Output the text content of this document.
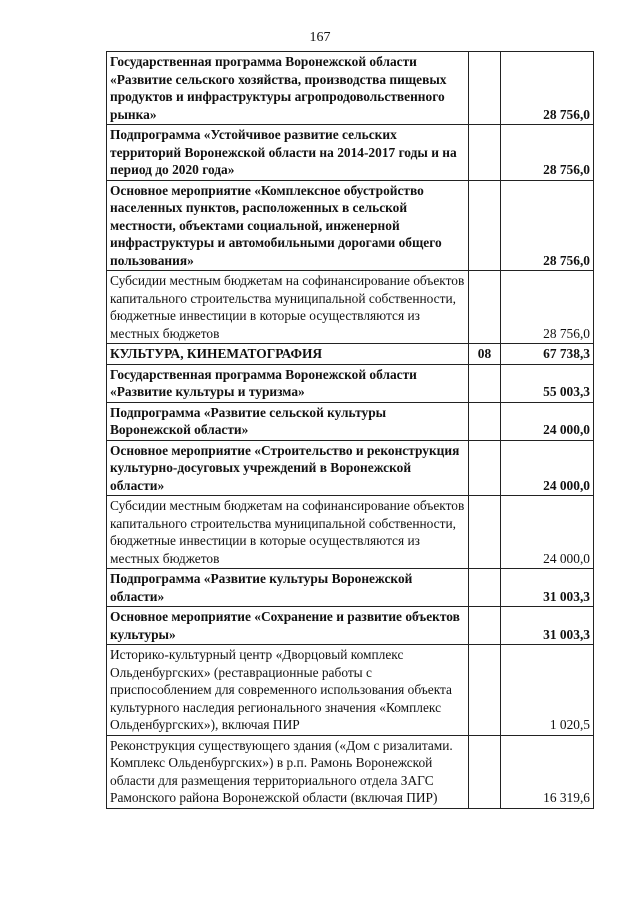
167
Государственная программа Воронежской области «Развитие сельского хозяйства, производства пищевых продуктов и инфраструктуры агропродовольственного рынка»		28 756,0
Подпрограмма «Устойчивое развитие сельских территорий Воронежской области на 2014-2017 годы и на период до 2020 года»		28 756,0
Основное мероприятие «Комплексное обустройство населенных пунктов, расположенных в сельской местности, объектами социальной, инженерной инфраструктуры и автомобильными дорогами общего пользования»		28 756,0
Субсидии местным бюджетам на софинансирование объектов капитального строительства муниципальной собственности, бюджетные инвестиции в которые осуществляются из местных бюджетов		28 756,0
КУЛЬТУРА, КИНЕМАТОГРАФИЯ	08	67 738,3
Государственная программа Воронежской области «Развитие культуры и туризма»		55 003,3
Подпрограмма «Развитие сельской культуры Воронежской области»		24 000,0
Основное мероприятие «Строительство и реконструкция культурно-досуговых учреждений в Воронежской области»		24 000,0
Субсидии местным бюджетам на софинансирование объектов капитального строительства муниципальной собственности, бюджетные инвестиции в которые осуществляются из местных бюджетов		24 000,0
Подпрограмма «Развитие культуры Воронежской области»		31 003,3
Основное мероприятие «Сохранение и развитие объектов культуры»		31 003,3
Историко-культурный центр «Дворцовый комплекс Ольденбургских» (реставрационные работы с приспособлением для современного использования объекта культурного наследия регионального значения «Комплекс Ольденбургских»), включая ПИР		1 020,5
Реконструкция существующего здания («Дом с ризалитами. Комплекс Ольденбургских») в р.п. Рамонь Воронежской области для размещения территориального отдела ЗАГС Рамонского района Воронежской области (включая ПИР)		16 319,6
